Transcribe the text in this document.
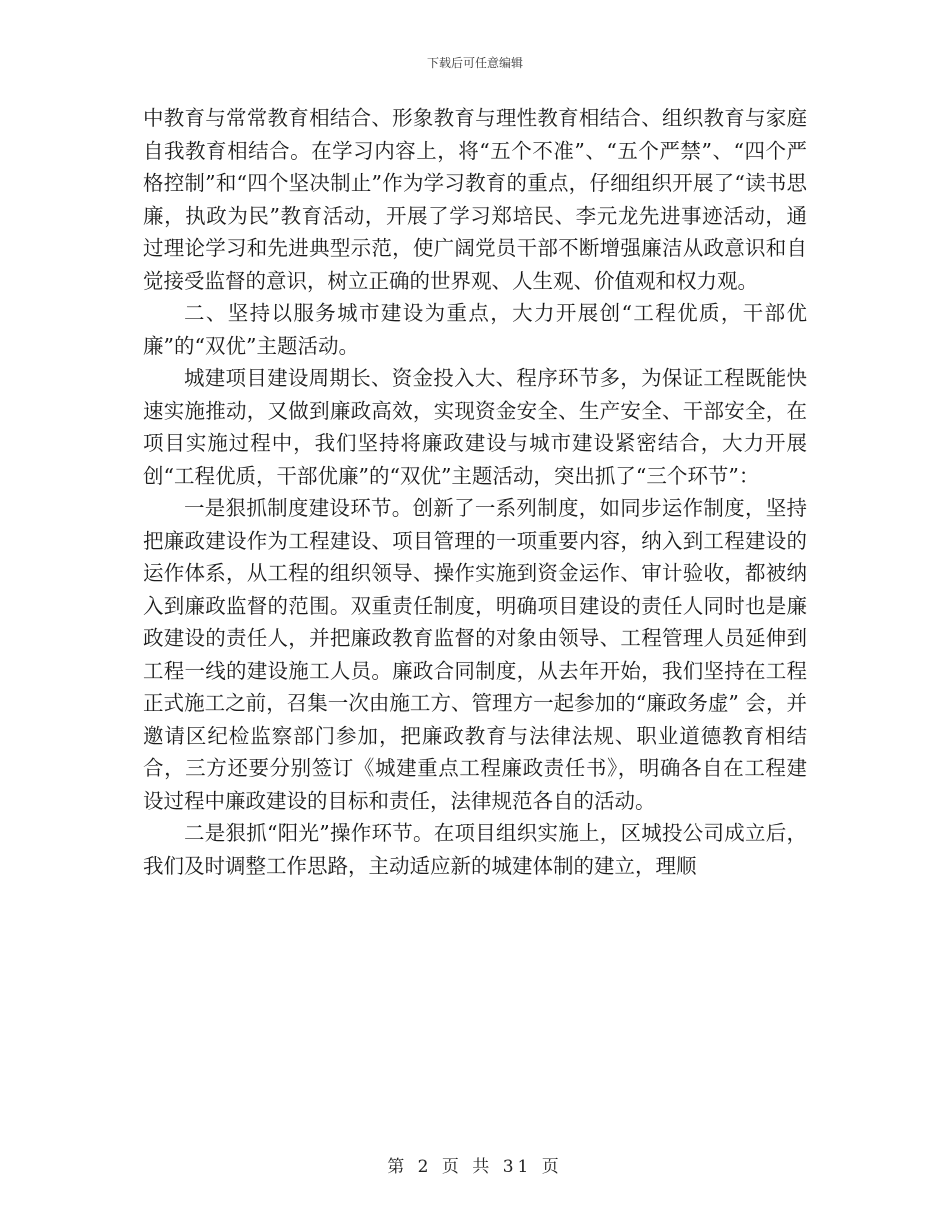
下载后可任意编辑

中教育与常常教育相结合、形象教育与理性教育相结合、组织教育与家庭自我教育相结合。在学习内容上，将“五个不准”、“五个严禁”、“四个严格控制”和“四个坚决制止”作为学习教育的重点，仔细组织开展了“读书思廉，执政为民”教育活动，开展了学习郑培民、李元龙先进事迹活动，通过理论学习和先进典型示范，使广阔党员干部不断增强廉洁从政意识和自觉接受监督的意识，树立正确的世界观、人生观、价值观和权力观。

二、坚持以服务城市建设为重点，大力开展创“工程优质，干部优廉”的“双优”主题活动。

城建项目建设周期长、资金投入大、程序环节多，为保证工程既能快速实施推动，又做到廉政高效，实现资金安全、生产安全、干部安全，在项目实施过程中，我们坚持将廉政建设与城市建设紧密结合，大力开展创“工程优质，干部优廉”的“双优”主题活动，突出抓了“三个环节”：

一是狠抓制度建设环节。创新了一系列制度，如同步运作制度，坚持把廉政建设作为工程建设、项目管理的一项重要内容，纳入到工程建设的运作体系，从工程的组织领导、操作实施到资金运作、审计验收，都被纳入到廉政监督的范围。双重责任制度，明确项目建设的责任人同时也是廉政建设的责任人，并把廉政教育监督的对象由领导、工程管理人员延伸到工程一线的建设施工人员。廉政合同制度，从去年开始，我们坚持在工程正式施工之前，召集一次由施工方、管理方一起参加的“廉政务虚” 会，并邀请区纪检监察部门参加，把廉政教育与法律法规、职业道德教育相结合，三方还要分别签订《城建重点工程廉政责任书》，明确各自在工程建设过程中廉政建设的目标和责任，法律规范各自的活动。

二是狠抓“阳光”操作环节。在项目组织实施上，区城投公司成立后，我们及时调整工作思路，主动适应新的城建体制的建立，理顺

第 2 页 共 31 页
